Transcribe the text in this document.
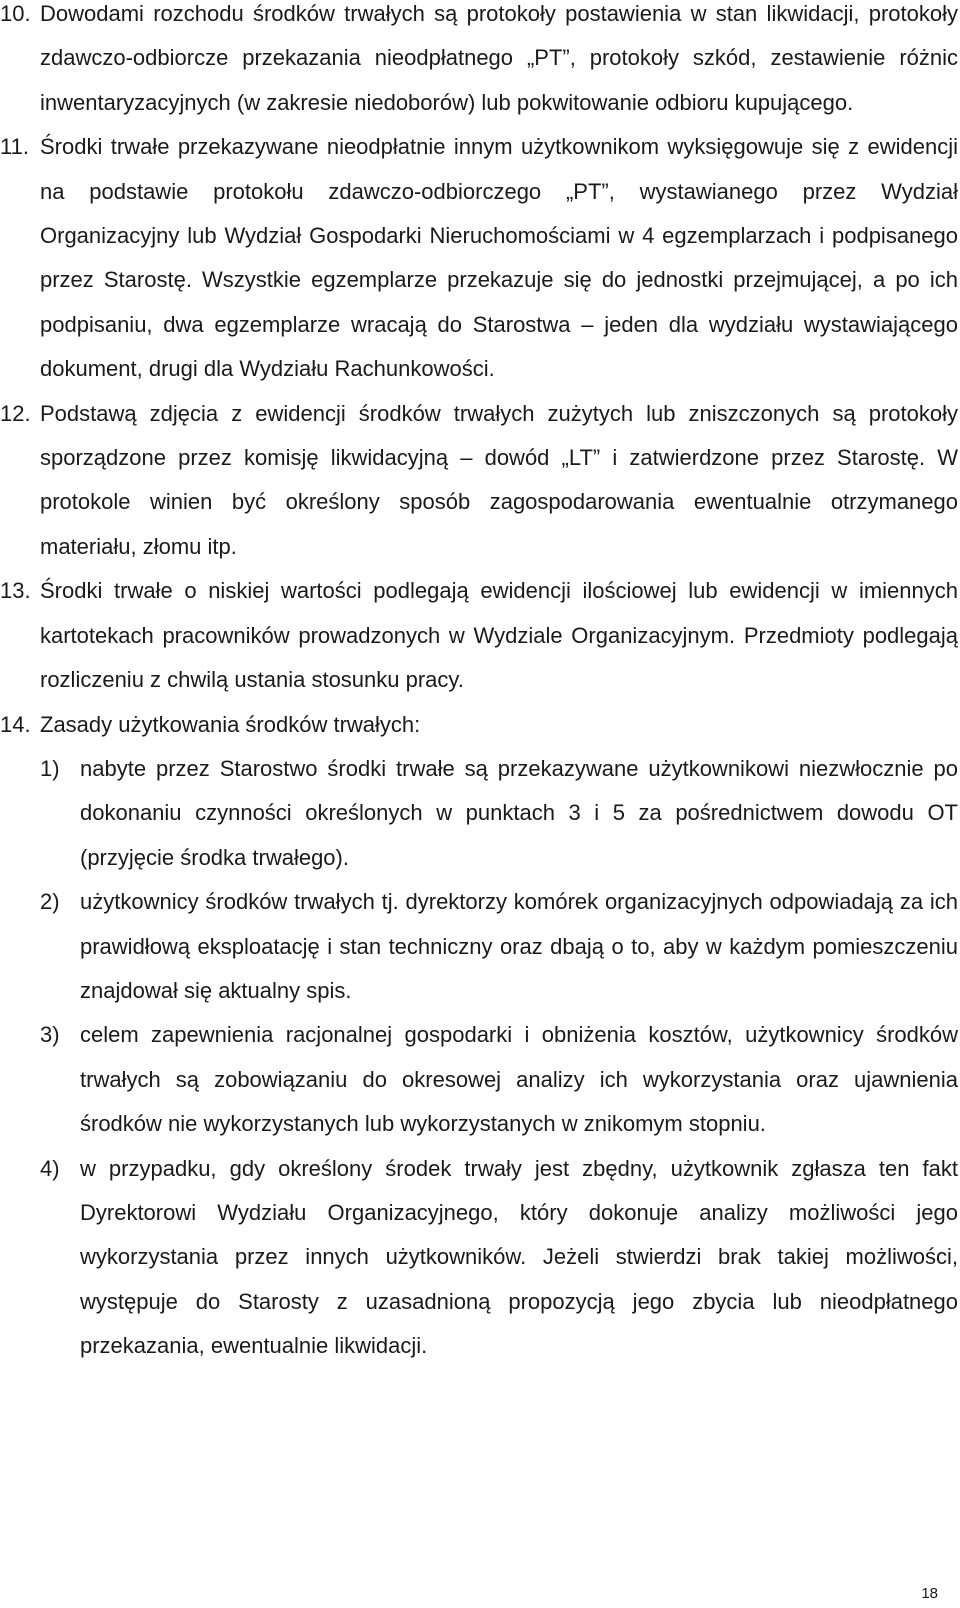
10. Dowodami rozchodu środków trwałych są protokoły postawienia w stan likwidacji, protokoły zdawczo-odbiorcze przekazania nieodpłatnego „PT”, protokoły szkód, zestawienie różnic inwentaryzacyjnych (w zakresie niedoborów) lub pokwitowanie odbioru kupującego.
11. Środki trwałe przekazywane nieodpłatnie innym użytkownikom wyksięgowuje się z ewidencji na podstawie protokołu zdawczo-odbiorczego „PT”, wystawianego przez Wydział Organizacyjny lub Wydział Gospodarki Nieruchomościami w 4 egzemplarzach i podpisanego przez Starostę. Wszystkie egzemplarze przekazuje się do jednostki przejmującej, a po ich podpisaniu, dwa egzemplarze wracają do Starostwa – jeden dla wydziału wystawiającego dokument, drugi dla Wydziału Rachunkowości.
12. Podstawą zdjęcia z ewidencji środków trwałych zużytych lub zniszczonych są protokoły sporządzone przez komisję likwidacyjną – dowód „LT” i zatwierdzone przez Starostę. W protokole winien być określony sposób zagospodarowania ewentualnie otrzymanego materiału, złomu itp.
13. Środki trwałe o niskiej wartości podlegają ewidencji ilościowej lub ewidencji w imiennych kartotekach pracowników prowadzonych w Wydziale Organizacyjnym. Przedmioty podlegają rozliczeniu z chwilą ustania stosunku pracy.
14. Zasady użytkowania środków trwałych:
1) nabyte przez Starostwo środki trwałe są przekazywane użytkownikowi niezwłocznie po dokonaniu czynności określonych w punktach 3 i 5 za pośrednictwem dowodu OT (przyjęcie środka trwałego).
2) użytkownicy środków trwałych tj. dyrektorzy komórek organizacyjnych odpowiadają za ich prawidłową eksploatację i stan techniczny oraz dbają o to, aby w każdym pomieszczeniu znajdował się aktualny spis.
3) celem zapewnienia racjonalnej gospodarki i obniżenia kosztów, użytkownicy środków trwałych są zobowiązaniu do okresowej analizy ich wykorzystania oraz ujawnienia środków nie wykorzystanych lub wykorzystanych w znikomym stopniu.
4) w przypadku, gdy określony środek trwały jest zbędny, użytkownik zgłasza ten fakt Dyrektorowi Wydziału Organizacyjnego, który dokonuje analizy możliwości jego wykorzystania przez innych użytkowników. Jeżeli stwierdzi brak takiej możliwości, występuje do Starosty z uzasadnioną propozycją jego zbycia lub nieodpłatnego przekazania, ewentualnie likwidacji.
18
